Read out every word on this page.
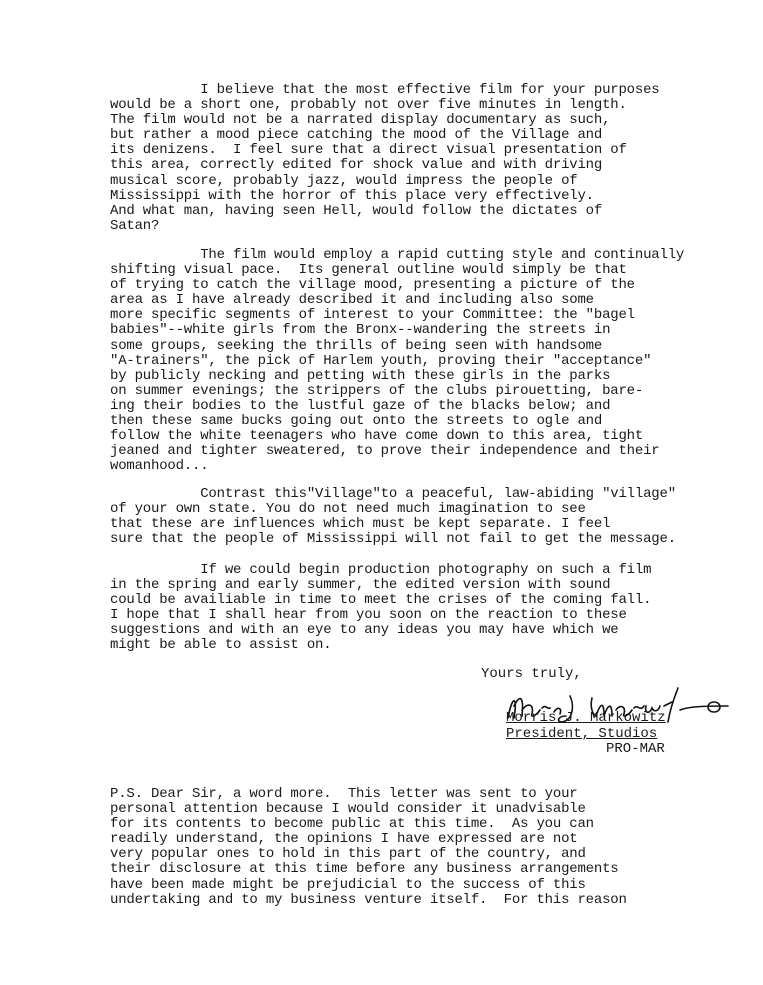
I believe that the most effective film for your purposes
would be a short one, probably not over five minutes in length.
The film would not be a narrated display documentary as such,
but rather a mood piece catching the mood of the Village and
its denizens.  I feel sure that a direct visual presentation of
this area, correctly edited for shock value and with driving
musical score, probably jazz, would impress the people of
Mississippi with the horror of this place very effectively.
And what man, having seen Hell, would follow the dictates of
Satan?
The film would employ a rapid cutting style and continually
shifting visual pace.  Its general outline would simply be that
of trying to catch the village mood, presenting a picture of the
area as I have already described it and including also some
more specific segments of interest to your Committee: the "bagel
babies"--white girls from the Bronx--wandering the streets in
some groups, seeking the thrills of being seen with handsome
"A-trainers", the pick of Harlem youth, proving their "acceptance"
by publicly necking and petting with these girls in the parks
on summer evenings; the strippers of the clubs pirouetting, bare-
ing their bodies to the lustful gaze of the blacks below; and
then these same bucks going out onto the streets to ogle and
follow the white teenagers who have come down to this area, tight
jeaned and tighter sweatered, to prove their independence and their
womanhood...
Contrast this"Village"to a peaceful, law-abiding "village"
of your own state. You do not need much imagination to see
that these are influences which must be kept separate. I feel
sure that the people of Mississippi will not fail to get the message.
If we could begin production photography on such a film
in the spring and early summer, the edited version with sound
could be availiable in time to meet the crises of the coming fall.
I hope that I shall hear from you soon on the reaction to these
suggestions and with an eye to any ideas you may have which we
might be able to assist on.
Yours truly,
Morris J. Markowitz
President, Studios
PRO-MAR
P.S. Dear Sir, a word more.  This letter was sent to your
personal attention because I would consider it unadvisable
for its contents to become public at this time.  As you can
readily understand, the opinions I have expressed are not
very popular ones to hold in this part of the country, and
their disclosure at this time before any business arrangements
have been made might be prejudicial to the success of this
undertaking and to my business venture itself.  For this reason
